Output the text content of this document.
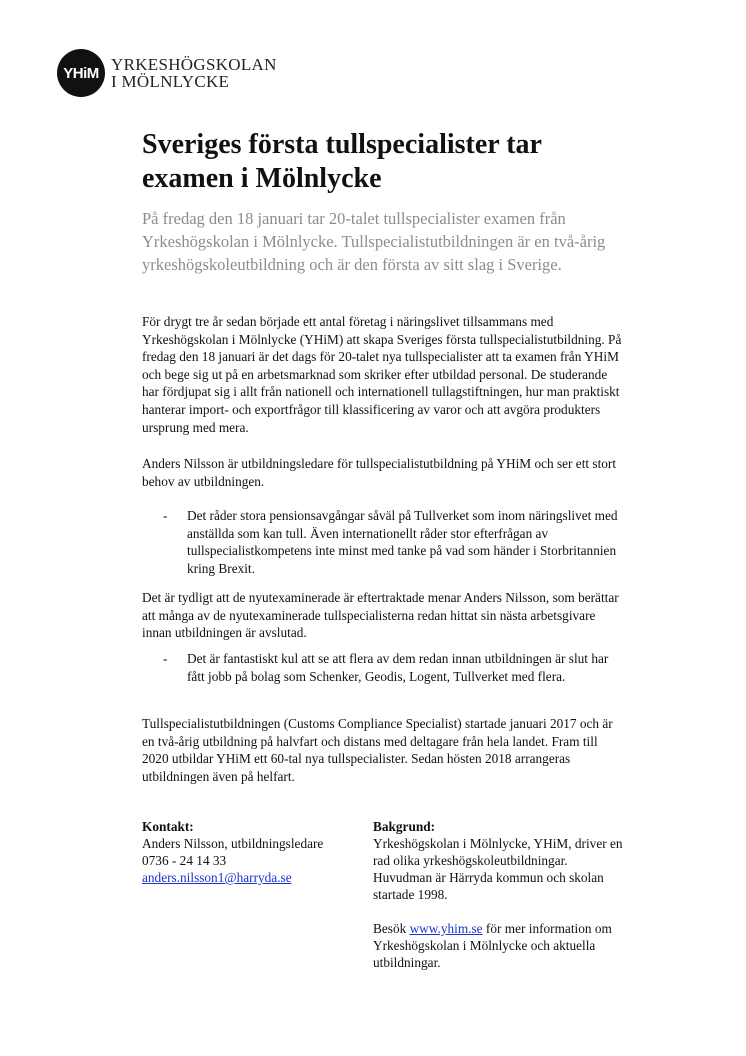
YHiM YRKESHÖGSKOLAN
I MÖLNLYCKE
Sveriges första tullspecialister tar examen i Mölnlycke

På fredag den 18 januari tar 20-talet tullspecialister examen från Yrkeshögskolan i Mölnlycke. Tullspecialistutbildningen är en två-årig yrkeshögskoleutbildning och är den första av sitt slag i Sverige.

För drygt tre år sedan började ett antal företag i näringslivet tillsammans med Yrkeshögskolan i Mölnlycke (YHiM) att skapa Sveriges första tullspecialistutbildning. På fredag den 18 januari är det dags för 20-talet nya tullspecialister att ta examen från YHiM och bege sig ut på en arbetsmarknad som skriker efter utbildad personal. De studerande har fördjupat sig i allt från nationell och internationell tullagstiftningen, hur man praktiskt hanterar import- och exportfrågor till klassificering av varor och att avgöra produkters ursprung med mera.

Anders Nilsson är utbildningsledare för tullspecialistutbildning på YHiM och ser ett stort behov av utbildningen.

-	Det råder stora pensionsavgångar såväl på Tullverket som inom näringslivet med anställda som kan tull. Även internationellt råder stor efterfrågan av tullspecialistkompetens inte minst med tanke på vad som händer i Storbritannien kring Brexit.

Det är tydligt att de nyutexaminerade är eftertraktade menar Anders Nilsson, som berättar att många av de nyutexaminerade tullspecialisterna redan hittat sin nästa arbetsgivare innan utbildningen är avslutad.

-	Det är fantastiskt kul att se att flera av dem redan innan utbildningen är slut har fått jobb på bolag som Schenker, Geodis, Logent, Tullverket med flera.

Tullspecialistutbildningen (Customs Compliance Specialist) startade januari 2017 och är en två-årig utbildning på halvfart och distans med deltagare från hela landet. Fram till 2020 utbildar YHiM ett 60-tal nya tullspecialister. Sedan hösten 2018 arrangeras utbildningen även på helfart.

Kontakt:

Anders Nilsson, utbildningsledare

0736 - 24 14 33

anders.nilsson1@harryda.se

Bakgrund:

Yrkeshögskolan i Mölnlycke, YHiM, driver en rad olika yrkeshögskoleutbildningar. Huvudman är Härryda kommun och skolan startade 1998.

Besök www.yhim.se för mer information om Yrkeshögskolan i Mölnlycke och aktuella utbildningar.
